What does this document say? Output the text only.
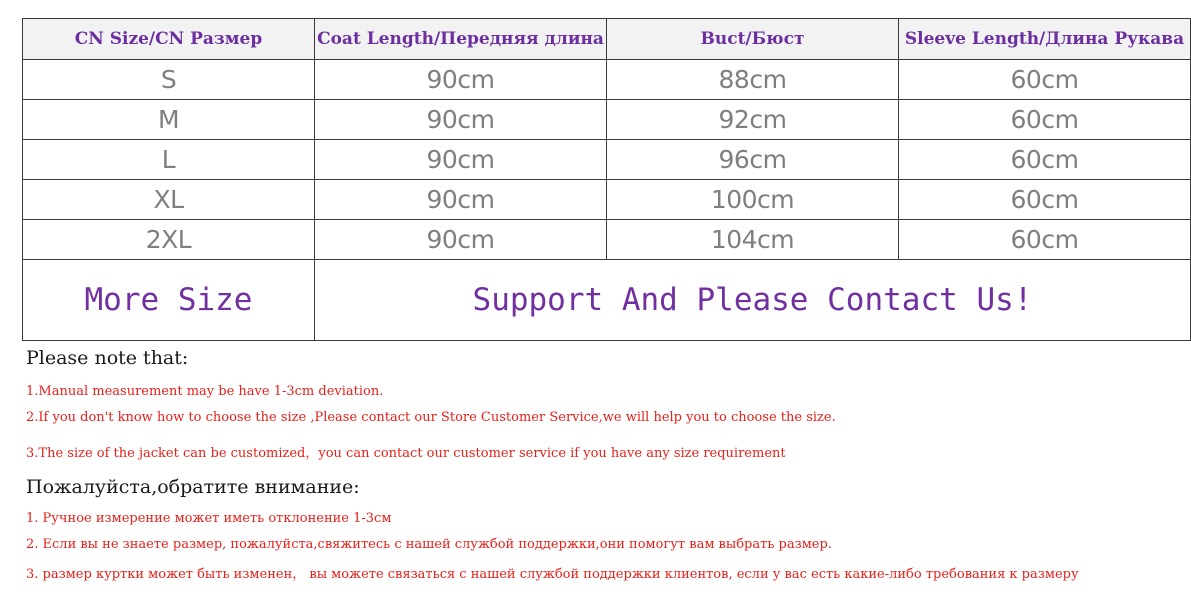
CN Size/CN Размер	Coat Length/Передняя длина	Buct/Бюст	Sleeve Length/Длина Рукава
S	90cm	88cm	60cm
M	90cm	92cm	60cm
L	90cm	96cm	60cm
XL	90cm	100cm	60cm
2XL	90cm	104cm	60cm
More Size	Support And Please Contact Us!		

Please note that:

1.Manual measurement may be have 1-3cm deviation.

2.If you don't know how to choose the size ,Please contact our Store Customer Service,we will help you to choose the size.

3.The size of the jacket can be customized，you can contact our customer service if you have any size requirement

Пожалуйста,обратите внимание:

1. Ручное измерение может иметь отклонение 1-3см

2. Если вы не знаете размер, пожалуйста,свяжитесь с нашей службой поддержки,они помогут вам выбрать размер.

3. размер куртки может быть изменен， вы можете связаться с нашей службой поддержки клиентов, если у вас есть какие-либо требования к размеру
